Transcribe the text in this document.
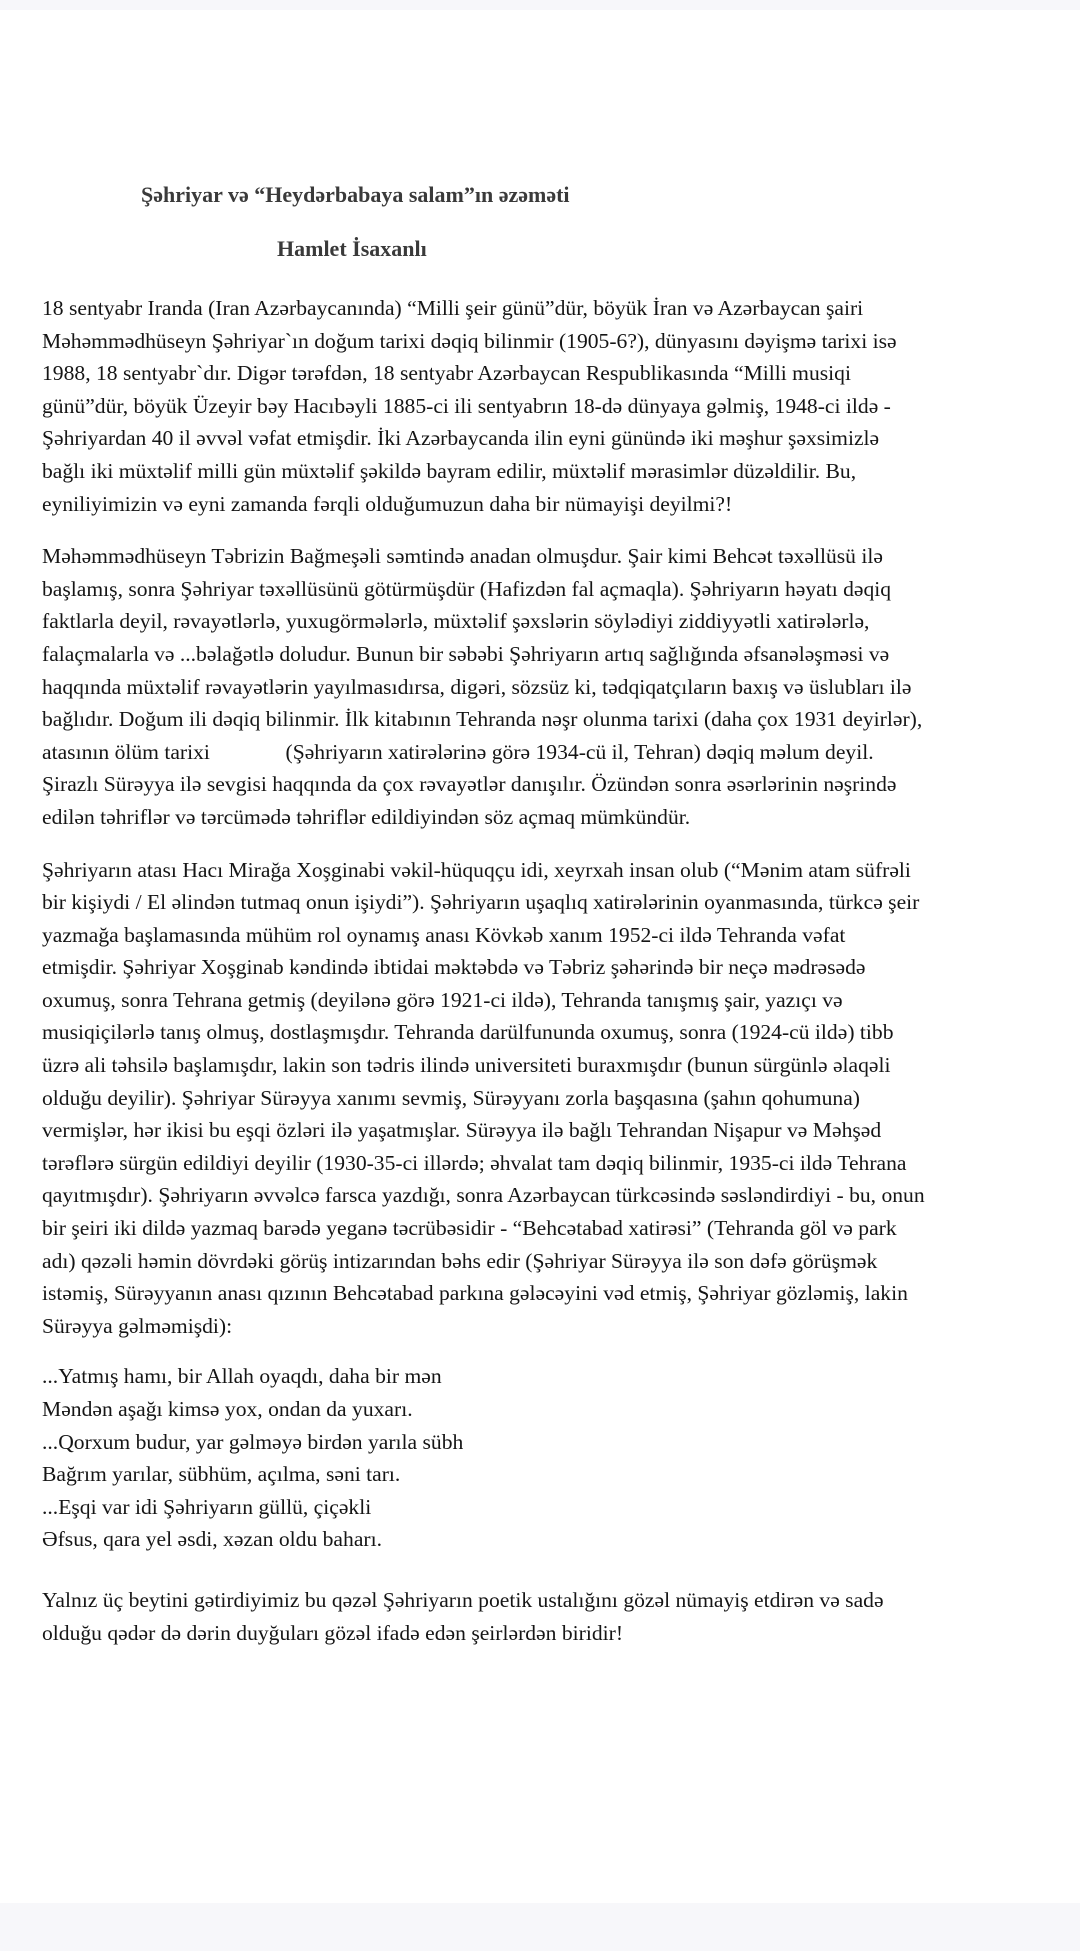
Şəhriyar və “Heydərbabaya salam”ın əzəməti
Hamlet İsaxanlı

18 sentyabr Iranda (Iran Azərbaycanında) “Milli şeir günü”dür, böyük İran və Azərbaycan şairi
Məhəmmədhüseyn Şəhriyar`ın doğum tarixi dəqiq bilinmir (1905-6?), dünyasını dəyişmə tarixi isə
1988, 18 sentyabr`dır. Digər tərəfdən, 18 sentyabr Azərbaycan Respublikasında “Milli musiqi
günü”dür, böyük Üzeyir bəy Hacıbəyli 1885-ci ili sentyabrın 18-də dünyaya gəlmiş, 1948-ci ildə -
Şəhriyardan 40 il əvvəl vəfat etmişdir. İki Azərbaycanda ilin eyni günündə iki məşhur şəxsimizlə
bağlı iki müxtəlif milli gün müxtəlif şəkildə bayram edilir, müxtəlif mərasimlər düzəldilir. Bu,
eyniliyimizin və eyni zamanda fərqli olduğumuzun daha bir nümayişi deyilmi?!

Məhəmmədhüseyn Təbrizin Bağmeşəli səmtində anadan olmuşdur. Şair kimi Behcət təxəllüsü ilə
başlamış, sonra Şəhriyar təxəllüsünü götürmüşdür (Hafizdən fal açmaqla). Şəhriyarın həyatı dəqiq
faktlarla deyil, rəvayətlərlə, yuxugörmələrlə, müxtəlif şəxslərin söylədiyi ziddiyyətli xatirələrlə,
falaçmalarla və ...bəlağətlə doludur. Bunun bir səbəbi Şəhriyarın artıq sağlığında əfsanələşməsi və
haqqında müxtəlif rəvayətlərin yayılmasıdırsa, digəri, sözsüz ki, tədqiqatçıların baxış və üslubları ilə
bağlıdır. Doğum ili dəqiq bilinmir. İlk kitabının Tehranda nəşr olunma tarixi (daha çox 1931 deyirlər),
atasının ölüm tarixi              (Şəhriyarın xatirələrinə görə 1934-cü il, Tehran) dəqiq məlum deyil.
Şirazlı Sürəyya ilə sevgisi haqqında da çox rəvayətlər danışılır. Özündən sonra əsərlərinin nəşrində
edilən təhriflər və tərcümədə təhriflər edildiyindən söz açmaq mümkündür.

Şəhriyarın atası Hacı Mirağa Xoşginabi vəkil-hüquqçu idi, xeyrxah insan olub (“Mənim atam süfrəli
bir kişiydi / El əlindən tutmaq onun işiydi”). Şəhriyarın uşaqlıq xatirələrinin oyanmasında, türkcə şeir
yazmağa başlamasında mühüm rol oynamış anası Kövkəb xanım 1952-ci ildə Tehranda vəfat
etmişdir. Şəhriyar Xoşginab kəndində ibtidai məktəbdə və Təbriz şəhərində bir neçə mədrəsədə
oxumuş, sonra Tehrana getmiş (deyilənə görə 1921-ci ildə), Tehranda tanışmış şair, yazıçı və
musiqiçilərlə tanış olmuş, dostlaşmışdır. Tehranda darülfununda oxumuş, sonra (1924-cü ildə) tibb
üzrə ali təhsilə başlamışdır, lakin son tədris ilində universiteti buraxmışdır (bunun sürgünlə əlaqəli
olduğu deyilir). Şəhriyar Sürəyya xanımı sevmiş, Sürəyyanı zorla başqasına (şahın qohumuna)
vermişlər, hər ikisi bu eşqi özləri ilə yaşatmışlar. Sürəyya ilə bağlı Tehrandan Nişapur və Məhşəd
tərəflərə sürgün edildiyi deyilir (1930-35-ci illərdə; əhvalat tam dəqiq bilinmir, 1935-ci ildə Tehrana
qayıtmışdır). Şəhriyarın əvvəlcə farsca yazdığı, sonra Azərbaycan türkcəsində səsləndirdiyi - bu, onun
bir şeiri iki dildə yazmaq barədə yeganə təcrübəsidir - “Behcətabad xatirəsi” (Tehranda göl və park
adı) qəzəli həmin dövrdəki görüş intizarından bəhs edir (Şəhriyar Sürəyya ilə son dəfə görüşmək
istəmiş, Sürəyyanın anası qızının Behcətabad parkına gələcəyini vəd etmiş, Şəhriyar gözləmiş, lakin
Sürəyya gəlməmişdi):

...Yatmış hamı, bir Allah oyaqdı, daha bir mən
Məndən aşağı kimsə yox, ondan da yuxarı.
...Qorxum budur, yar gəlməyə birdən yarıla sübh
Bağrım yarılar, sübhüm, açılma, səni tarı.
...Eşqi var idi Şəhriyarın güllü, çiçəkli
Əfsus, qara yel əsdi, xəzan oldu baharı.

Yalnız üç beytini gətirdiyimiz bu qəzəl Şəhriyarın poetik ustalığını gözəl nümayiş etdirən və sadə
olduğu qədər də dərin duyğuları gözəl ifadə edən şeirlərdən biridir!
